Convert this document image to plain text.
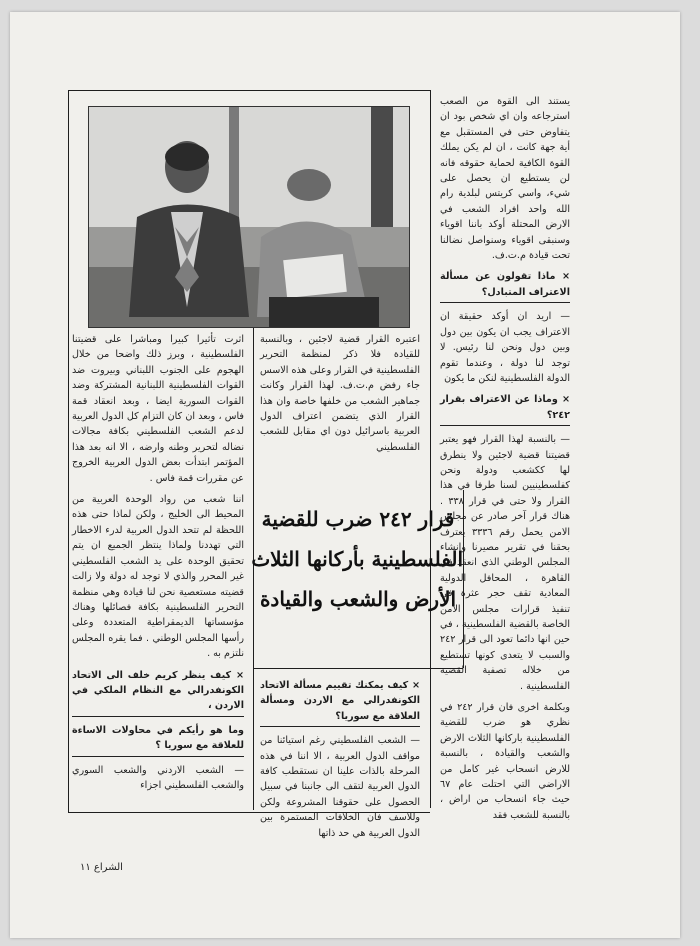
قرار ٢٤٢ ضرب للقضية
الفلسطينية بأركانها الثلاث
الأرض والشعب والقيادة

يستند الى القوة من الصعب استرجاعه وان اي شخص بود ان يتفاوض حتى في المستقبل مع أية جهة كانت ، ان لم يكن يملك القوة الكافية لحماية حقوقه فانه لن يستطيع ان يحصل على شيء، واسي كريتس لبلدية رام الله واحد افراد الشعب في الارض المحتلة أوكد باننا اقوياء وسنبقى اقوياء وسنواصل نضالنا تحت قيادة م.ت.ف.

× ماذا تقولون عن مسألة الاعتراف المتبادل؟

— اريد ان أوكد حقيقة ان الاعتراف يجب ان يكون بين دول وبين دول ونحن لنا رئيس. لا توجد لنا دولة ، وعندما تقوم الدولة الفلسطينية لنكن ما يكون

× وماذا عن الاعتراف بقرار ٢٤٢؟

— بالنسبة لهذا القرار فهو يعتبر قضيتنا قضية لاجئين ولا ينطرق لها ككشعب ودولة ونحن كفلسطينيين لسنا طرفا في هذا القرار ولا حتى في قرار ٣٣٨ . هناك قرار آخر صادر عن مجلس الامن يحمل رقم ٣٣٣٦ يعترف بحقنا في تقرير مصيرنا وانشاء المجلس الوطني الذي انعقد في القاهرة ، المحافل الدولية المعادية تقف حجر عثرة في تنفيذ قرارات مجلس الامن الخاصة بالقضية الفلسطينية ، في حين انها دائما تعود الى قرار ٢٤٢ والسبب لا يتعدى كونها تستطيع من خلاله تصفية القضية الفلسطينية .

وبكلمة اخرى فان قرار ٢٤٢ في نظري هو ضرب للقضية الفلسطينية باركانها الثلاث الارض والشعب والقيادة ، بالنسبة للارض انسحاب غير كامل من الاراضي التي احتلت عام ٦٧ حيث جاء انسحاب من اراض ، بالنسبة للشعب فقد

اعتبره القرار قضية لاجئين ، وبالنسبة للقيادة فلا ذكر لمنظمة التحرير الفلسطينية في القرار وعلى هذه الاسس جاء رفض م.ت.ف. لهذا القرار وكانت جماهير الشعب من خلفها خاصة وان هذا القرار الذي يتضمن اعتراف الدول العربية باسرائيل دون اي مقابل للشعب الفلسطيني

× كيف يمكنك تقييم مسألة الاتحاد الكونفدرالي مع الاردن ومسألة العلاقة مع سوريا؟

— الشعب الفلسطيني رغم استيائنا من مواقف الدول العربية ، الا اننا في هذه المرحلة بالذات علينا ان نستقطب كافة الدول العربية لتقف الى جانبنا في سبيل الحصول على حقوقنا المشروعة ولكن وللاسف فان الخلافات المستمرة بين الدول العربية هي حد ذاتها

اثرت تأثيرا كبيرا ومباشرا على قضيتنا الفلسطينية ، وبرز ذلك واضحا من خلال الهجوم على الجنوب اللبناني وبيروت ضد القوات الفلسطينية اللبنانية المشتركة وضد القوات السورية ايضا ، وبعد انعقاد قمة فاس ، وبعد ان كان التزام كل الدول العربية لدعم الشعب الفلسطيني بكافة مجالات نضاله لتحرير وطنه وارضه ، الا انه بعد هذا المؤتمر ابتدأت بعض الدول العربية الخروج عن مقررات قمة فاس .

اننا شعب من رواد الوحدة العربية من المحيط الى الخليج ، ولكن لماذا حتى هذه اللحظة لم تتحد الدول العربية لدرء الاخطار التي تهددنا ولماذا ينتظر الجميع ان يتم تحقيق الوحدة على يد الشعب الفلسطيني غير المحرر والذي لا توجد له دولة ولا زالت قضيته مستعصية نحن لنا قيادة وهي منظمة التحرير الفلسطينية بكافة فصائلها وهناك مؤسساتها الديمقراطية المتعددة وعلى رأسها المجلس الوطني . فما يقره المجلس نلتزم به .

× كيف ينظر كريم خلف الى الاتحاد الكونفدرالي مع النظام الملكي في الاردن ،
وما هو رأيكم في محاولات الاساءة للعلاقة مع سوريا ؟

— الشعب الاردني والشعب السوري والشعب الفلسطيني اجزاء

الشراع ١١
